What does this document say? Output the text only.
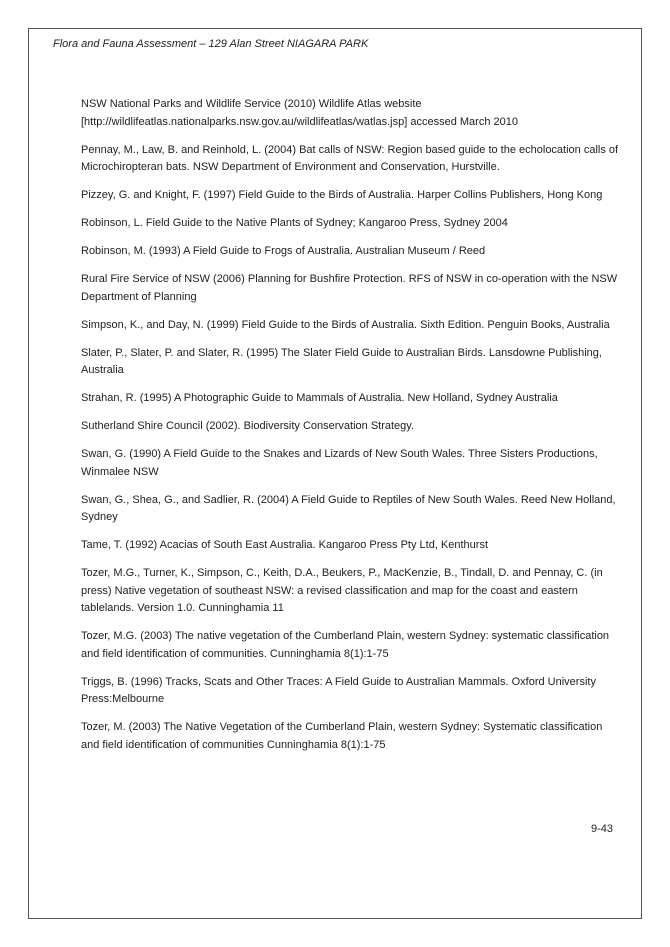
Flora and Fauna Assessment – 129 Alan Street NIAGARA PARK

NSW National Parks and Wildlife Service (2010) Wildlife Atlas website [http://wildlifeatlas.nationalparks.nsw.gov.au/wildlifeatlas/watlas.jsp] accessed March 2010

Pennay, M., Law, B. and Reinhold, L. (2004) Bat calls of NSW: Region based guide to the echolocation calls of Microchiropteran bats. NSW Department of Environment and Conservation, Hurstville.

Pizzey, G. and Knight, F. (1997) Field Guide to the Birds of Australia. Harper Collins Publishers, Hong Kong

Robinson, L. Field Guide to the Native Plants of Sydney; Kangaroo Press, Sydney 2004

Robinson, M. (1993) A Field Guide to Frogs of Australia. Australian Museum / Reed

Rural Fire Service of NSW (2006) Planning for Bushfire Protection. RFS of NSW in co-operation with the NSW Department of Planning

Simpson, K., and Day, N. (1999) Field Guide to the Birds of Australia. Sixth Edition. Penguin Books, Australia

Slater, P., Slater, P. and Slater, R. (1995) The Slater Field Guide to Australian Birds. Lansdowne Publishing, Australia

Strahan, R. (1995) A Photographic Guide to Mammals of Australia. New Holland, Sydney Australia

Sutherland Shire Council (2002). Biodiversity Conservation Strategy.

Swan, G. (1990) A Field Guide to the Snakes and Lizards of New South Wales. Three Sisters Productions, Winmalee NSW

Swan, G., Shea, G., and Sadlier, R. (2004) A Field Guide to Reptiles of New South Wales. Reed New Holland, Sydney

Tame, T. (1992) Acacias of South East Australia. Kangaroo Press Pty Ltd, Kenthurst

Tozer, M.G., Turner, K., Simpson, C., Keith, D.A., Beukers, P., MacKenzie, B., Tindall, D. and Pennay, C. (in press) Native vegetation of southeast NSW: a revised classification and map for the coast and eastern tablelands. Version 1.0. Cunninghamia 11

Tozer, M.G. (2003) The native vegetation of the Cumberland Plain, western Sydney: systematic classification and field identification of communities. Cunninghamia 8(1):1-75

Triggs, B. (1996) Tracks, Scats and Other Traces: A Field Guide to Australian Mammals. Oxford University Press:Melbourne

Tozer, M. (2003) The Native Vegetation of the Cumberland Plain, western Sydney: Systematic classification and field identification of communities Cunninghamia 8(1):1-75

9-43
